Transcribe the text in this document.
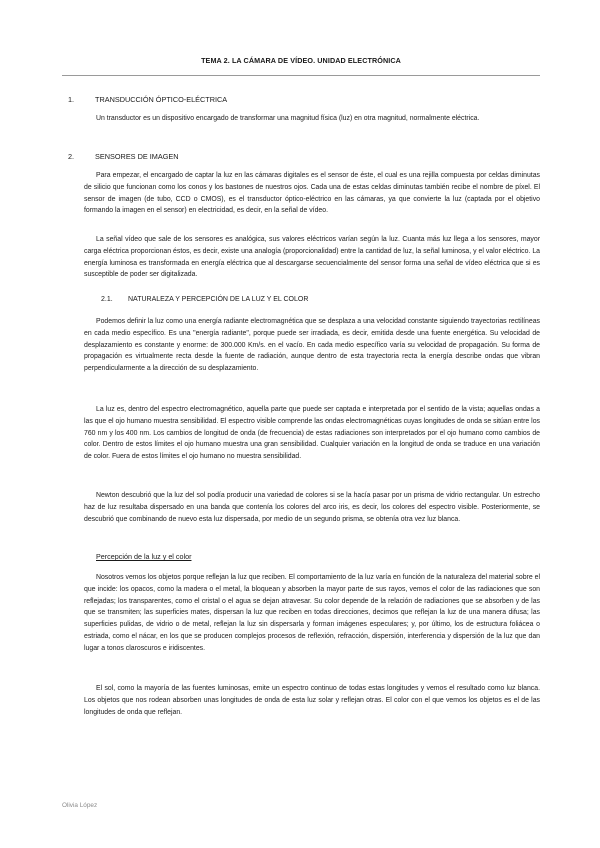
TEMA 2. LA CÁMARA DE VÍDEO. UNIDAD ELECTRÓNICA
1.	TRANSDUCCIÓN ÓPTICO-ELÉCTRICA

Un transductor es un dispositivo encargado de transformar una magnitud física (luz) en otra magnitud, normalmente eléctrica.

2.	SENSORES DE IMAGEN

Para empezar, el encargado de captar la luz en las cámaras digitales es el sensor de éste, el cual es una rejilla compuesta por celdas diminutas de silicio que funcionan como los conos y los bastones de nuestros ojos. Cada una de estas celdas diminutas también recibe el nombre de píxel. El sensor de imagen (de tubo, CCD o CMOS), es el transductor óptico-eléctrico en las cámaras, ya que convierte la luz (captada por el objetivo formando la imagen en el sensor) en electricidad, es decir, en la señal de vídeo.

La señal vídeo que sale de los sensores es analógica, sus valores eléctricos varían según la luz. Cuanta más luz llega a los sensores, mayor carga eléctrica proporcionan éstos, es decir, existe una analogía (proporcionalidad) entre la cantidad de luz, la señal luminosa, y el valor eléctrico. La energía luminosa es transformada en energía eléctrica que al descargarse secuencialmente del sensor forma una señal de vídeo eléctrica que si es susceptible de poder ser digitalizada.

2.1. NATURALEZA Y PERCEPCIÓN DE LA LUZ Y EL COLOR

Podemos definir la luz como una energía radiante electromagnética que se desplaza a una velocidad constante siguiendo trayectorias rectilíneas en cada medio específico. Es una "energía radiante", porque puede ser irradiada, es decir, emitida desde una fuente energética. Su velocidad de desplazamiento es constante y enorme: de 300.000 Km/s. en el vacío. En cada medio específico varía su velocidad de propagación. Su forma de propagación es virtualmente recta desde la fuente de radiación, aunque dentro de esta trayectoria recta la energía describe ondas que vibran perpendicularmente a la dirección de su desplazamiento.

La luz es, dentro del espectro electromagnético, aquella parte que puede ser captada e interpretada por el sentido de la vista; aquellas ondas a las que el ojo humano muestra sensibilidad. El espectro visible comprende las ondas electromagnéticas cuyas longitudes de onda se sitúan entre los 760 nm y los 400 nm. Los cambios de longitud de onda (de frecuencia) de estas radiaciones son interpretados por el ojo humano como cambios de color. Dentro de estos límites el ojo humano muestra una gran sensibilidad. Cualquier variación en la longitud de onda se traduce en una variación de color. Fuera de estos límites el ojo humano no muestra sensibilidad.

Newton descubrió que la luz del sol podía producir una variedad de colores si se la hacía pasar por un prisma de vidrio rectangular. Un estrecho haz de luz resultaba dispersado en una banda que contenía los colores del arco iris, es decir, los colores del espectro visible. Posteriormente, se descubrió que combinando de nuevo esta luz dispersada, por medio de un segundo prisma, se obtenía otra vez luz blanca.

Percepción de la luz y el color

Nosotros vemos los objetos porque reflejan la luz que reciben. El comportamiento de la luz varía en función de la naturaleza del material sobre el que incide: los opacos, como la madera o el metal, la bloquean y absorben la mayor parte de sus rayos, vemos el color de las radiaciones que son reflejadas; los transparentes, como el cristal o el agua se dejan atravesar. Su color depende de la relación de radiaciones que se absorben y de las que se transmiten; las superficies mates, dispersan la luz que reciben en todas direcciones, decimos que reflejan la luz de una manera difusa; las superficies pulidas, de vidrio o de metal, reflejan la luz sin dispersarla y forman imágenes especulares; y, por último, los de estructura foliácea o estriada, como el nácar, en los que se producen complejos procesos de reflexión, refracción, dispersión, interferencia y dispersión de la luz que dan lugar a tonos claroscuros e iridiscentes.

El sol, como la mayoría de las fuentes luminosas, emite un espectro continuo de todas estas longitudes y vemos el resultado como luz blanca. Los objetos que nos rodean absorben unas longitudes de onda de esta luz solar y reflejan otras. El color con el que vemos los objetos es el de las longitudes de onda que reflejan.

Olivia López
